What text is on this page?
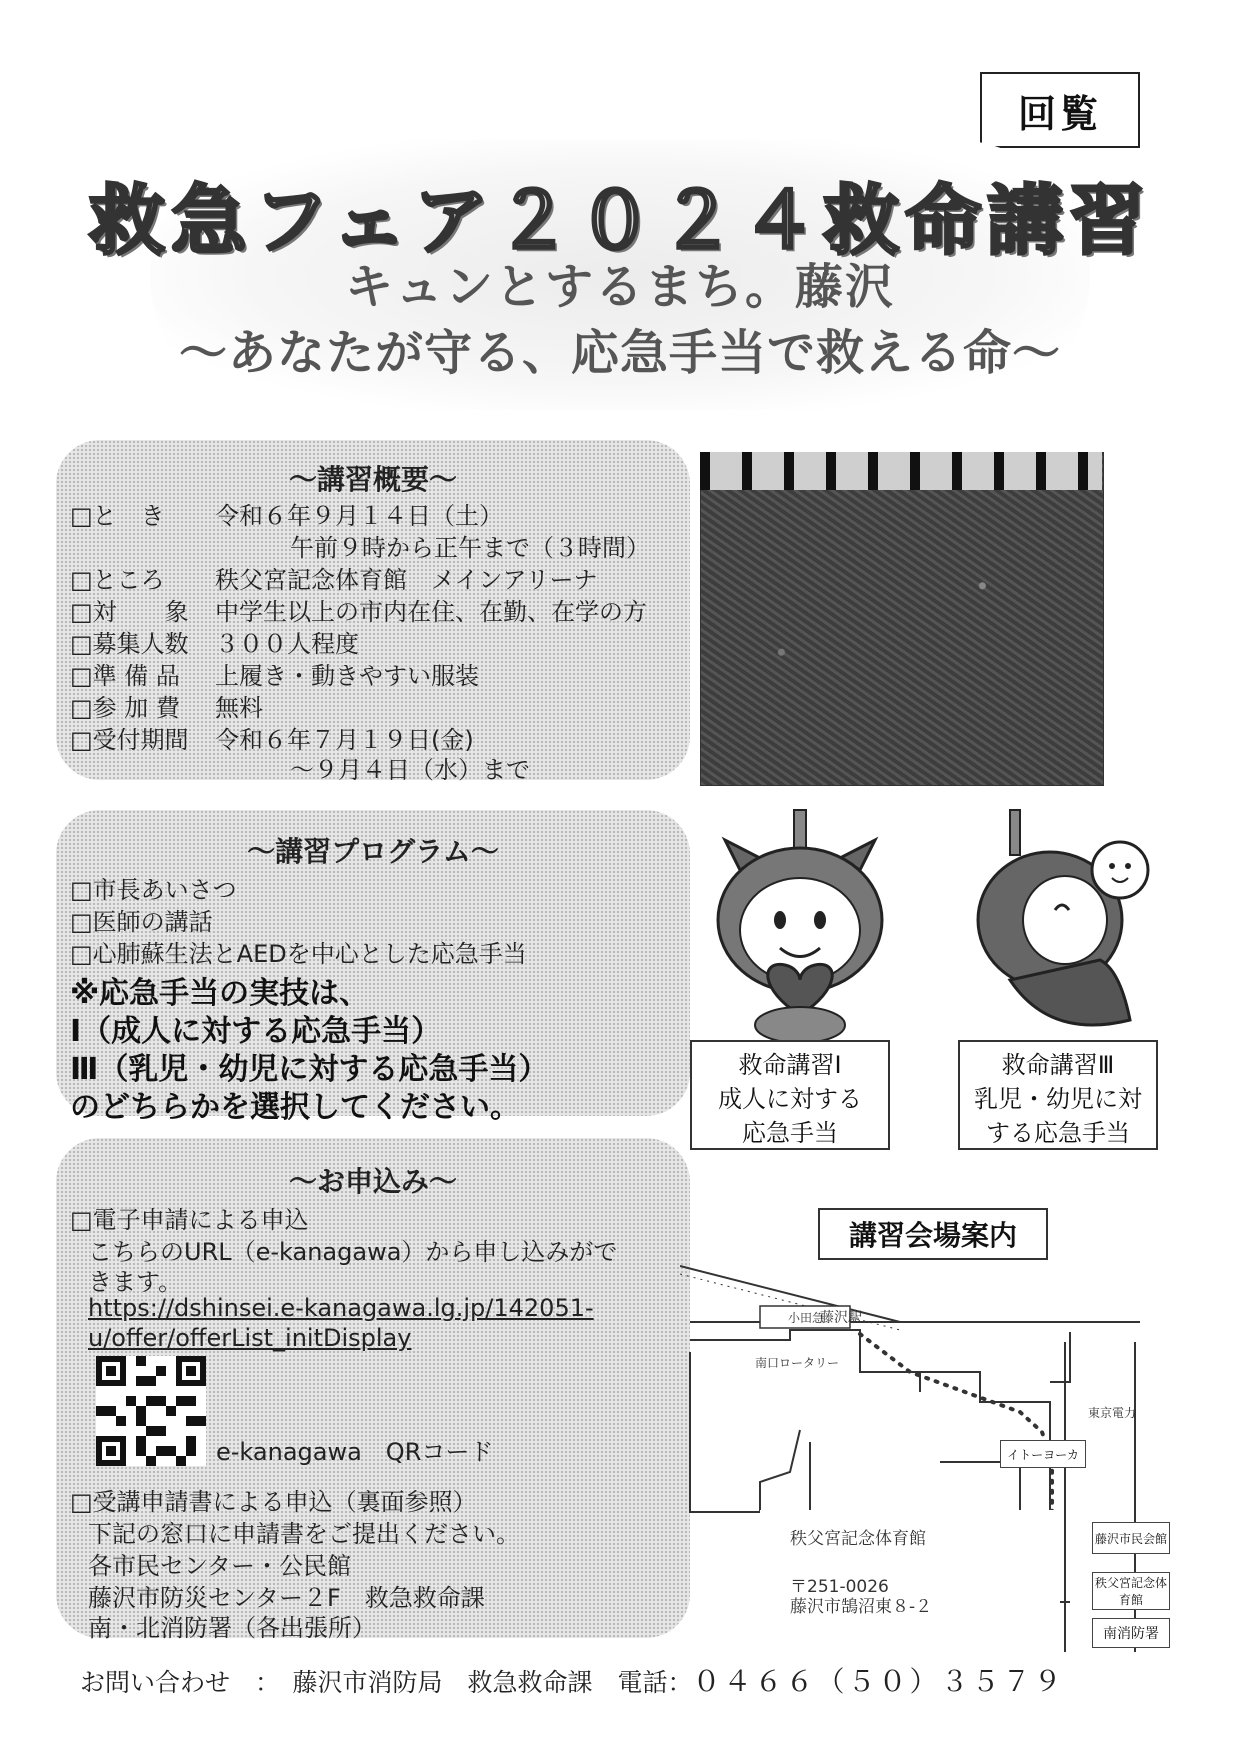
回覧
救急フェア２０２４救命講習
キュンとするまち。藤沢
～あなたが守る、応急手当で救える命～
～講習概要～
□と　き 令和６年９月１４日（土）
午前９時から正午まで（３時間）
□ところ 秩父宮記念体育館　メインアリーナ
□対　　象 中学生以上の市内在住、在勤、在学の方
□募集人数 ３００人程度
□準 備 品 上履き・動きやすい服装
□参 加 費 無料
□受付期間 令和６年７月１９日(金)
～９月４日（水）まで
～講習プログラム～
□市長あいさつ
□医師の講話
□心肺蘇生法とAEDを中心とした応急手当
※応急手当の実技は、
Ⅰ（成人に対する応急手当）
Ⅲ（乳児・幼児に対する応急手当）
のどちらかを選択してください。
救命講習Ⅰ
成人に対する
応急手当
救命講習Ⅲ
乳児・幼児に対
する応急手当
～お申込み～
□電子申請による申込
こちらのURL（e-kanagawa）から申し込みがで
きます。
https://dshinsei.e-kanagawa.lg.jp/142051-
u/offer/offerList_initDisplay
e-kanagawa　QRコード
□受講申請書による申込（裏面参照）
下記の窓口に申請書をご提出ください。
各市民センター・公民館
藤沢市防災センター２F　救急救命課
南・北消防署（各出張所）
講習会場案内
小田急
藤沢駅
南口ロータリー
東京電力
イトーヨーカ
藤沢市民会館
秩父宮記念体育館
南消防署
秩父宮記念体育館
〒251-0026
藤沢市鵠沼東８-２
お問い合わせ　：　藤沢市消防局　救急救命課　電話：０４６６（５０）３５７９
